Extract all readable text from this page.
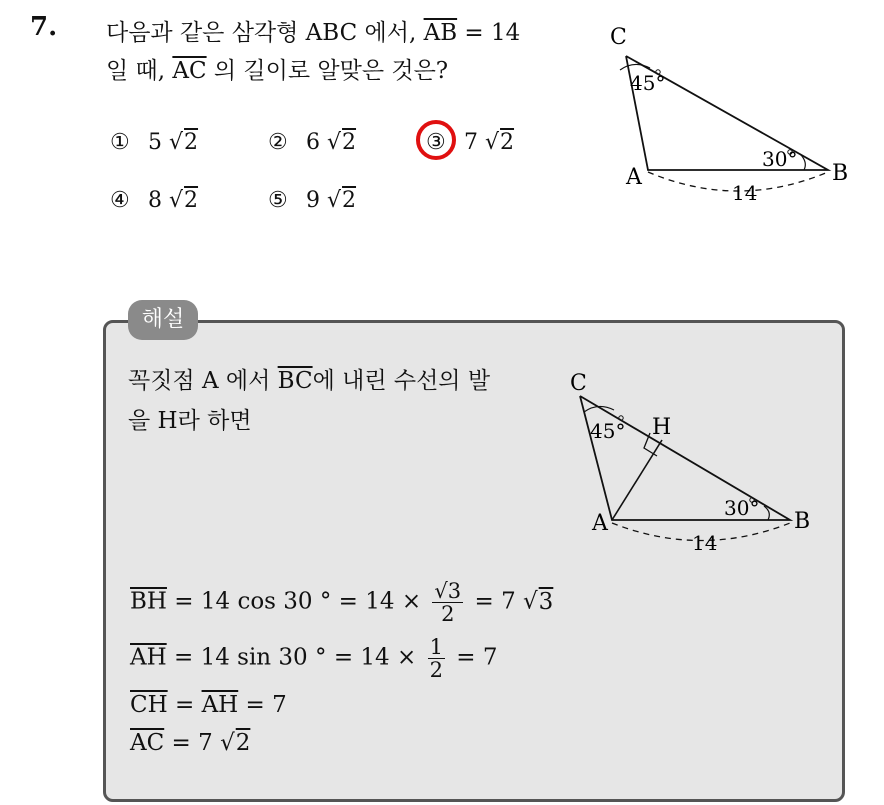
7. 다음과 같은 삼각형 ABC 에서, $\overline{AB} = 14$
일 때, $\overline{AC}$ 의 길이로 알맞은 것은?
① 5 √2	② 6 √2	③ 7 √2
④ 8 √2	⑤ 9 √2
C
45°
A	B
30°
14
해설
꼭짓점 A 에서 $\overline{BC}$에 내린 수선의 발
을 H라 하면
C
45° H
A	B
30°
14
$\overline{BH} = 14$ cos 30 ° = $14 \times \frac{√3}{2} = 7$ √3
$\overline{AH} = 14$ sin 30 ° = $14 \times \frac{1}{2} = 7$
$\overline{CH} = \overline{AH} = 7$
$\overline{AC} = 7$ √2
